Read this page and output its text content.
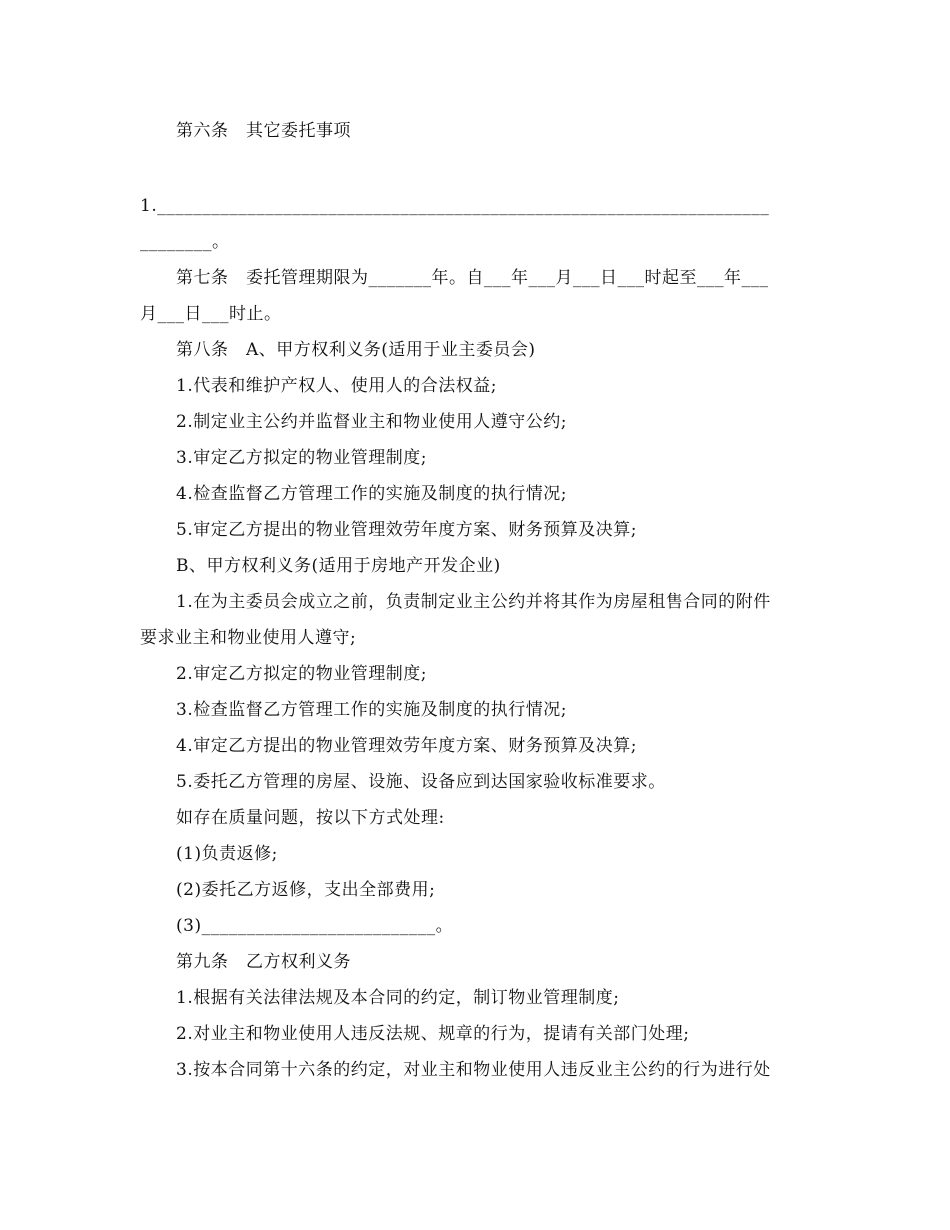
第六条　其它委托事项
1.____________________________________________________________________
________。
第七条　委托管理期限为_______年。自___年___月___日___时起至___年___
月___日___时止。
第八条　A、甲方权利义务(适用于业主委员会)
1.代表和维护产权人、使用人的合法权益;
2.制定业主公约并监督业主和物业使用人遵守公约;
3.审定乙方拟定的物业管理制度;
4.检查监督乙方管理工作的实施及制度的执行情况;
5.审定乙方提出的物业管理效劳年度方案、财务预算及决算;
B、甲方权利义务(适用于房地产开发企业)
1.在为主委员会成立之前，负责制定业主公约并将其作为房屋租售合同的附件
要求业主和物业使用人遵守;
2.审定乙方拟定的物业管理制度;
3.检查监督乙方管理工作的实施及制度的执行情况;
4.审定乙方提出的物业管理效劳年度方案、财务预算及决算;
5.委托乙方管理的房屋、设施、设备应到达国家验收标准要求。
如存在质量问题，按以下方式处理:
(1)负责返修;
(2)委托乙方返修，支出全部费用;
(3)__________________________。
第九条　乙方权利义务
1.根据有关法律法规及本合同的约定，制订物业管理制度;
2.对业主和物业使用人违反法规、规章的行为，提请有关部门处理;
3.按本合同第十六条的约定，对业主和物业使用人违反业主公约的行为进行处
